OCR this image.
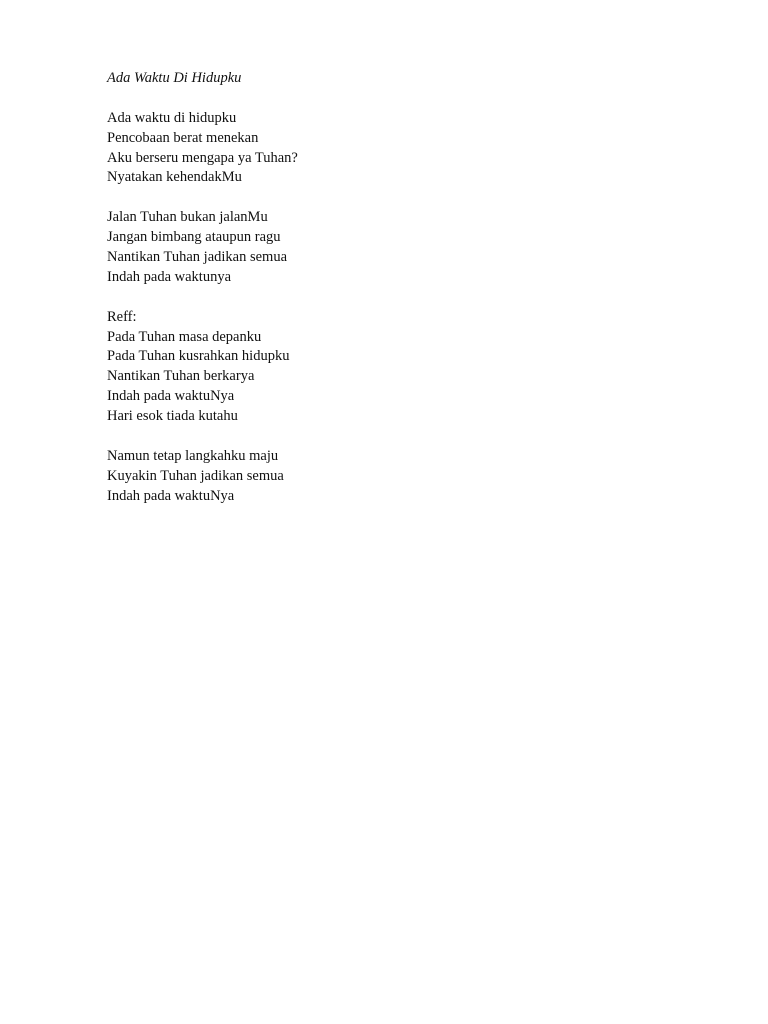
Ada Waktu Di Hidupku
Ada waktu di hidupku
Pencobaan berat menekan
Aku berseru mengapa ya Tuhan?
Nyatakan kehendakMu
Jalan Tuhan bukan jalanMu
Jangan bimbang ataupun ragu
Nantikan Tuhan jadikan semua
Indah pada waktunya
Reff:
Pada Tuhan masa depanku
Pada Tuhan kusrahkan hidupku
Nantikan Tuhan berkarya
Indah pada waktuNya
Hari esok tiada kutahu
Namun tetap langkahku maju
Kuyakin Tuhan jadikan semua
Indah pada waktuNya
